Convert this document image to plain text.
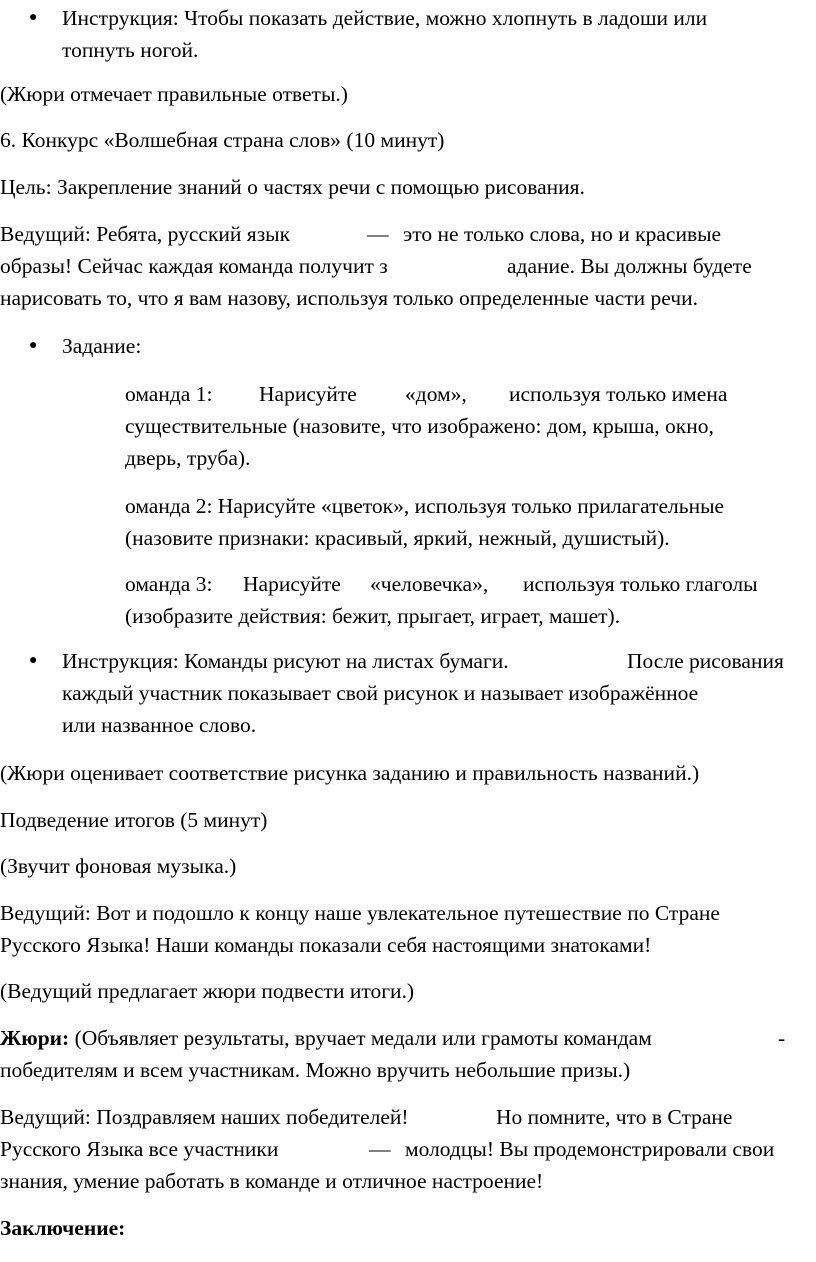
● Инструкция: Чтобы показать действие, можно хлопнуть в ладоши или
топнуть ногой.

(Жюри отмечает правильные ответы.)

6. Конкурс «Волшебная страна слов» (10 минут)

Цель: Закрепление знаний о частях речи с помощью рисования.

Ведущий: Ребята, русский язык	— это не только слова, но и красивые
образы! Сейчас каждая команда получит з	адание. Вы должны будете
нарисовать то, что я вам назову, используя только определенные части речи.
● Задание:
оманда 1: Нарисуйте «дом», используя только имена
существительные (назовите, что изображено: дом, крыша, окно,
дверь, труба).
оманда 2: Нарисуйте «цветок», используя только прилагательные
(назовите признаки: красивый, яркий, нежный, душистый).
оманда 3: Нарисуйте «человечка», используя только глаголы
(изобразите действия: бежит, прыгает, играет, машет).
● Инструкция: Команды рисуют на листах бумаги.	После рисования
каждый участник показывает свой рисунок и называет изображённое
или названное слово.

(Жюри оценивает соответствие рисунка заданию и правильность названий.)

Подведение итогов (5 минут)

(Звучит фоновая музыка.)

Ведущий: Вот и подошло к концу наше увлекательное путешествие по Стране
Русского Языка! Наши команды показали себя настоящими знатоками!

(Ведущий предлагает жюри подвести итоги.)

Жюри: (Объявляет результаты, вручает медали или грамоты командам	-
победителям и всем участникам. Можно вручить небольшие призы.)
Ведущий: Поздравляем наших победителей!	Но помните, что в Стране
Русского Языка все участники	— молодцы! Вы продемонстрировали свои
знания, умение работать в команде и отличное настроение!

Заключение:
